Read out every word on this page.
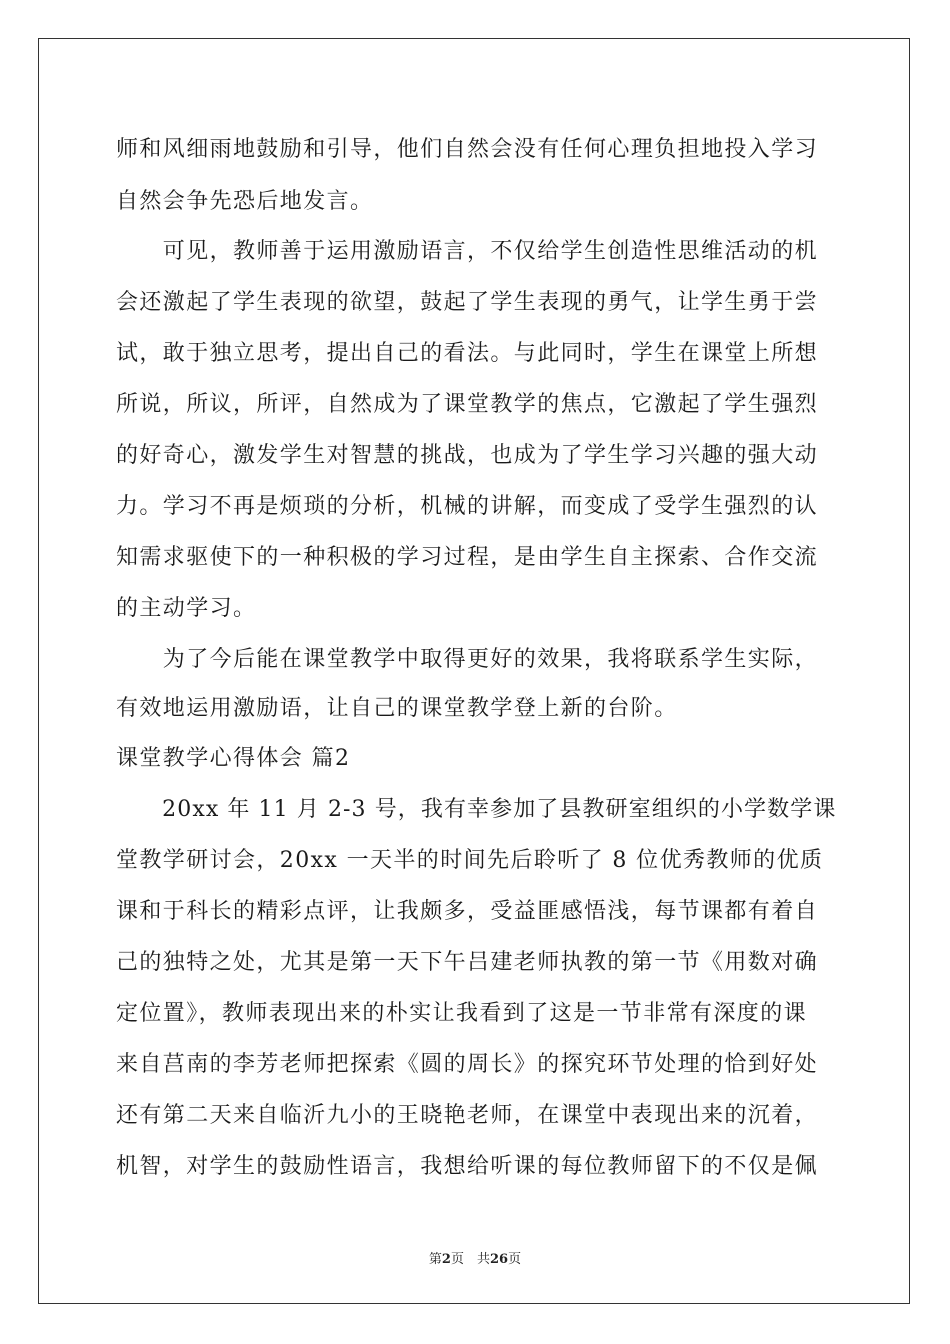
师和风细雨地鼓励和引导，他们自然会没有任何心理负担地投入学习
自然会争先恐后地发言。
　　可见，教师善于运用激励语言，不仅给学生创造性思维活动的机
会还激起了学生表现的欲望，鼓起了学生表现的勇气，让学生勇于尝
试，敢于独立思考，提出自己的看法。与此同时，学生在课堂上所想
所说，所议，所评，自然成为了课堂教学的焦点，它激起了学生强烈
的好奇心，激发学生对智慧的挑战，也成为了学生学习兴趣的强大动
力。学习不再是烦琐的分析，机械的讲解，而变成了受学生强烈的认
知需求驱使下的一种积极的学习过程，是由学生自主探索、合作交流
的主动学习。
　　为了今后能在课堂教学中取得更好的效果，我将联系学生实际，
有效地运用激励语，让自己的课堂教学登上新的台阶。
课堂教学心得体会 篇2
　　20xx 年 11 月 2-3 号，我有幸参加了县教研室组织的小学数学课
堂教学研讨会，20xx 一天半的时间先后聆听了 8 位优秀教师的优质
课和于科长的精彩点评，让我颇多，受益匪感悟浅，每节课都有着自
己的独特之处，尤其是第一天下午吕建老师执教的第一节《用数对确
定位置》，教师表现出来的朴实让我看到了这是一节非常有深度的课
来自莒南的李芳老师把探索《圆的周长》的探究环节处理的恰到好处
还有第二天来自临沂九小的王晓艳老师，在课堂中表现出来的沉着，
机智，对学生的鼓励性语言，我想给听课的每位教师留下的不仅是佩
第2页　共26页
